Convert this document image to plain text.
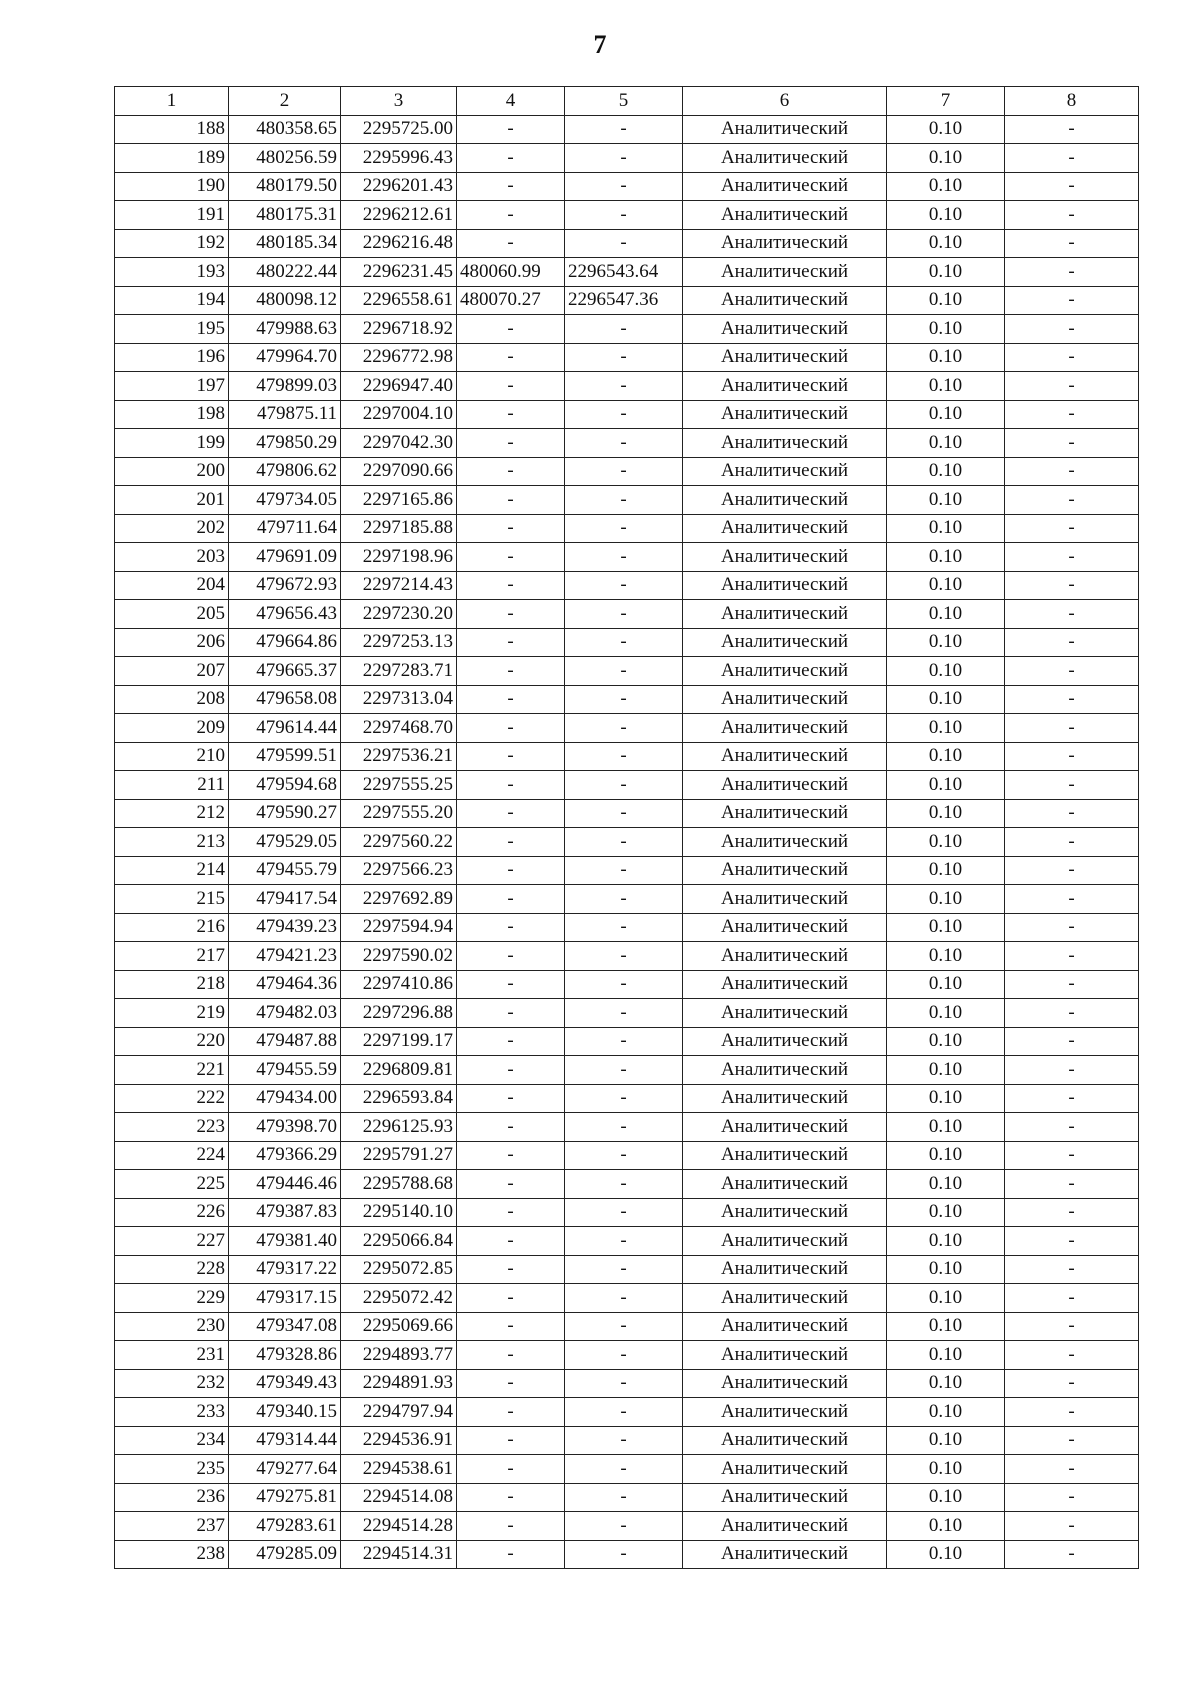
7
1	2	3	4	5	6	7	8
188	480358.65	2295725.00	-	-	Аналитический	0.10	-
189	480256.59	2295996.43	-	-	Аналитический	0.10	-
190	480179.50	2296201.43	-	-	Аналитический	0.10	-
191	480175.31	2296212.61	-	-	Аналитический	0.10	-
192	480185.34	2296216.48	-	-	Аналитический	0.10	-
193	480222.44	2296231.45	480060.99	2296543.64	Аналитический	0.10	-
194	480098.12	2296558.61	480070.27	2296547.36	Аналитический	0.10	-
195	479988.63	2296718.92	-	-	Аналитический	0.10	-
196	479964.70	2296772.98	-	-	Аналитический	0.10	-
197	479899.03	2296947.40	-	-	Аналитический	0.10	-
198	479875.11	2297004.10	-	-	Аналитический	0.10	-
199	479850.29	2297042.30	-	-	Аналитический	0.10	-
200	479806.62	2297090.66	-	-	Аналитический	0.10	-
201	479734.05	2297165.86	-	-	Аналитический	0.10	-
202	479711.64	2297185.88	-	-	Аналитический	0.10	-
203	479691.09	2297198.96	-	-	Аналитический	0.10	-
204	479672.93	2297214.43	-	-	Аналитический	0.10	-
205	479656.43	2297230.20	-	-	Аналитический	0.10	-
206	479664.86	2297253.13	-	-	Аналитический	0.10	-
207	479665.37	2297283.71	-	-	Аналитический	0.10	-
208	479658.08	2297313.04	-	-	Аналитический	0.10	-
209	479614.44	2297468.70	-	-	Аналитический	0.10	-
210	479599.51	2297536.21	-	-	Аналитический	0.10	-
211	479594.68	2297555.25	-	-	Аналитический	0.10	-
212	479590.27	2297555.20	-	-	Аналитический	0.10	-
213	479529.05	2297560.22	-	-	Аналитический	0.10	-
214	479455.79	2297566.23	-	-	Аналитический	0.10	-
215	479417.54	2297692.89	-	-	Аналитический	0.10	-
216	479439.23	2297594.94	-	-	Аналитический	0.10	-
217	479421.23	2297590.02	-	-	Аналитический	0.10	-
218	479464.36	2297410.86	-	-	Аналитический	0.10	-
219	479482.03	2297296.88	-	-	Аналитический	0.10	-
220	479487.88	2297199.17	-	-	Аналитический	0.10	-
221	479455.59	2296809.81	-	-	Аналитический	0.10	-
222	479434.00	2296593.84	-	-	Аналитический	0.10	-
223	479398.70	2296125.93	-	-	Аналитический	0.10	-
224	479366.29	2295791.27	-	-	Аналитический	0.10	-
225	479446.46	2295788.68	-	-	Аналитический	0.10	-
226	479387.83	2295140.10	-	-	Аналитический	0.10	-
227	479381.40	2295066.84	-	-	Аналитический	0.10	-
228	479317.22	2295072.85	-	-	Аналитический	0.10	-
229	479317.15	2295072.42	-	-	Аналитический	0.10	-
230	479347.08	2295069.66	-	-	Аналитический	0.10	-
231	479328.86	2294893.77	-	-	Аналитический	0.10	-
232	479349.43	2294891.93	-	-	Аналитический	0.10	-
233	479340.15	2294797.94	-	-	Аналитический	0.10	-
234	479314.44	2294536.91	-	-	Аналитический	0.10	-
235	479277.64	2294538.61	-	-	Аналитический	0.10	-
236	479275.81	2294514.08	-	-	Аналитический	0.10	-
237	479283.61	2294514.28	-	-	Аналитический	0.10	-
238	479285.09	2294514.31	-	-	Аналитический	0.10	-
